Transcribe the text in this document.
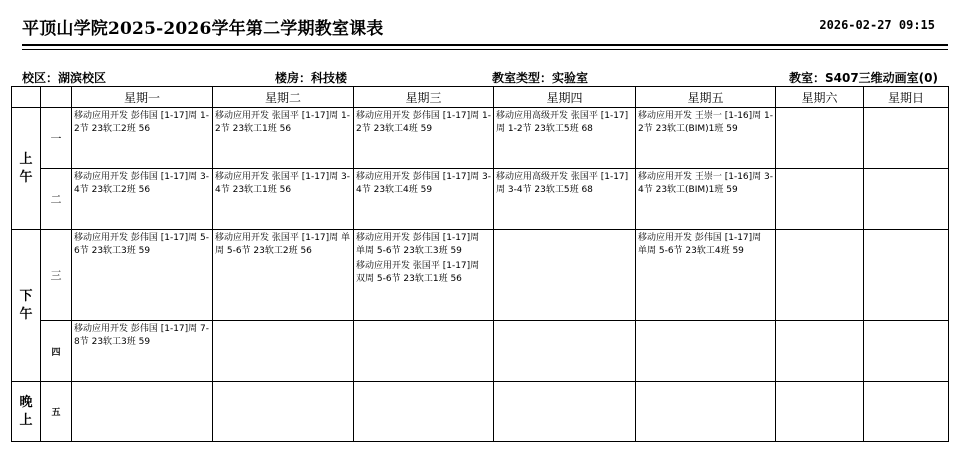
平顶山学院2025-2026学年第二学期教室课表	2026-02-27 09:15
校区：湖滨校区	楼房：科技楼	教室类型：实验室	教室：S407三维动画室(0)
		星期一	星期二	星期三	星期四	星期五	星期六	星期日

上午	一	移动应用开发 彭伟国 [1-17]周 1-2节 23软工2班 56	移动应用开发 张国平 [1-17]周 1-2节 23软工1班 56	移动应用开发 彭伟国 [1-17]周 1-2节 23软工4班 59	移动应用高级开发 张国平 [1-17]周 1-2节 23软工5班 68	移动应用开发 王崇一 [1-16]周 1-2节 23软工(BIM)1班 59		

	二	移动应用开发 彭伟国 [1-17]周 3-4节 23软工2班 56	移动应用开发 张国平 [1-17]周 3-4节 23软工1班 56	移动应用开发 彭伟国 [1-17]周 3-4节 23软工4班 59	移动应用高级开发 张国平 [1-17]周 3-4节 23软工5班 68	移动应用开发 王崇一 [1-16]周 3-4节 23软工(BIM)1班 59		

下午	三	移动应用开发 彭伟国 [1-17]周 5-6节 23软工3班 59	移动应用开发 张国平 [1-17]周 单周 5-6节 23软工2班 56	移动应用开发 彭伟国 [1-17]周 单周 5-6节 23软工3班 59
移动应用开发 张国平 [1-17]周 双周 5-6节 23软工1班 56		移动应用开发 彭伟国 [1-17]周 单周 5-6节 23软工4班 59		

	四	移动应用开发 彭伟国 [1-17]周 7-8节 23软工3班 59						

晚上	五							
